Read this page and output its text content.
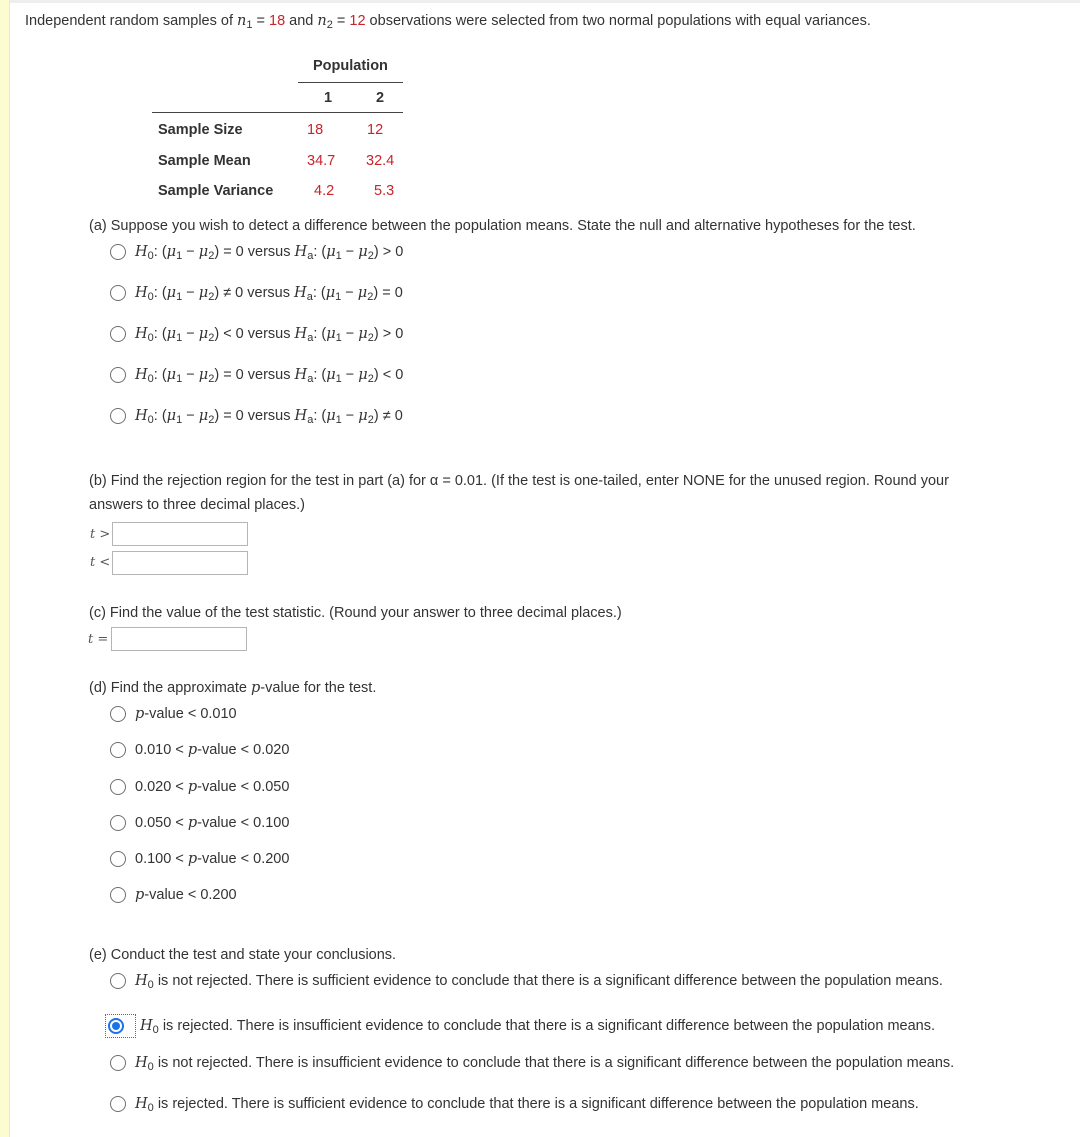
Independent random samples of $n_1 = 18$ and $n_2 = 12$ observations were selected from two normal populations with equal variances.
Population
1	2
Sample Size	18	12
Sample Mean	34.7 32.4
Sample Variance	4.2	5.3
(a) Suppose you wish to detect a difference between the population means. State the null and alternative hypotheses for the test.
$H_0$: $(\mu_1 - \mu_2) = 0$ versus $H_a$: $(\mu_1 - \mu_2) > 0$
$H_0$: $(\mu_1 - \mu_2) \ne 0$ versus $H_a$: $(\mu_1 - \mu_2) = 0$
$H_0$: $(\mu_1 - \mu_2) < 0$ versus $H_a$: $(\mu_1 - \mu_2) > 0$
$H_0$: $(\mu_1 - \mu_2) = 0$ versus $H_a$: $(\mu_1 - \mu_2) < 0$
$H_0$: $(\mu_1 - \mu_2) = 0$ versus $H_a$: $(\mu_1 - \mu_2) \ne 0$
(b) Find the rejection region for the test in part (a) for α = 0.01. (If the test is one-tailed, enter NONE for the unused region. Round your
answers to three decimal places.)
t >
t <
(c) Find the value of the test statistic. (Round your answer to three decimal places.)
t =
(d) Find the approximate p-value for the test.
p-value < 0.010
0.010 < p-value < 0.020
0.020 < p-value < 0.050
0.050 < p-value < 0.100
0.100 < p-value < 0.200
p-value < 0.200
(e) Conduct the test and state your conclusions.
$H_0$ is not rejected. There is sufficient evidence to conclude that there is a significant difference between the population means.
$H_0$ is rejected. There is insufficient evidence to conclude that there is a significant difference between the population means.
$H_0$ is not rejected. There is insufficient evidence to conclude that there is a significant difference between the population means.
$H_0$ is rejected. There is sufficient evidence to conclude that there is a significant difference between the population means.
